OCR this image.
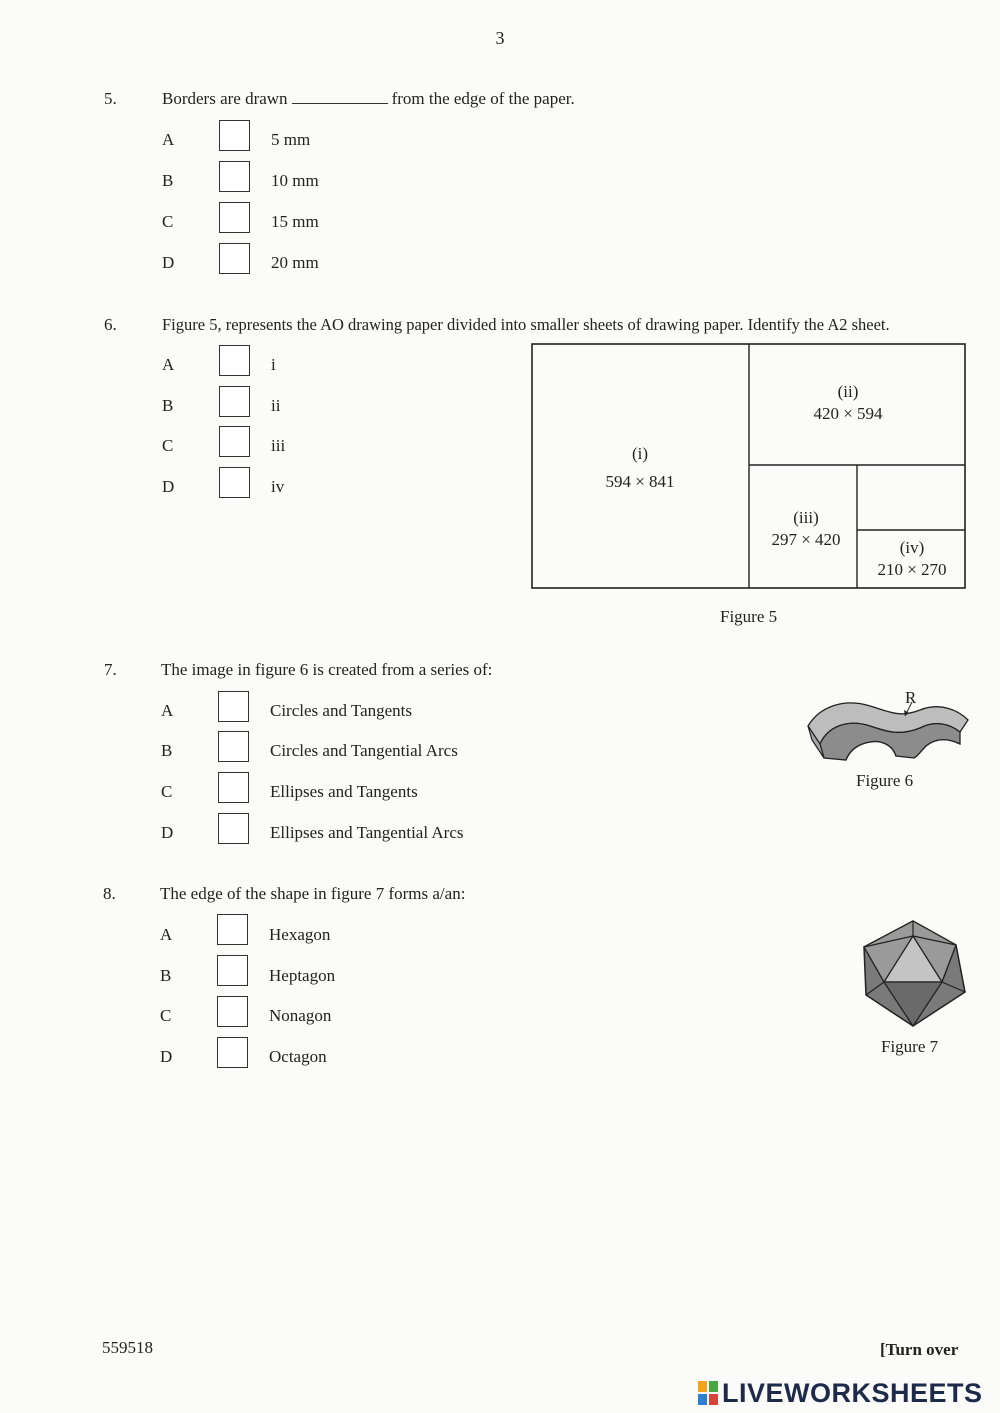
3
5.	Borders are drawn	from the edge of the paper.
A	5 mm
B	10 mm
C	15 mm
D	20 mm
6.	Figure 5, represents the AO drawing paper divided into smaller sheets of drawing paper. Identify the A2 sheet.
A	i
B	ii
C	iii
D	iv
(i)
594 × 841
(ii)
420 × 594
(iii)
297 × 420	(iv)
210 × 270
Figure 5
7.	The image in figure 6 is created from a series of:
A	Circles and Tangents
B	Circles and Tangential Arcs
C	Ellipses and Tangents
D	Ellipses and Tangential Arcs
R
Figure 6
8.	The edge of the shape in figure 7 forms a/an:
A	Hexagon
B	Heptagon
C	Nonagon
D	Octagon
Figure 7
559518	[Turn over
LIVEWORKSHEETS
